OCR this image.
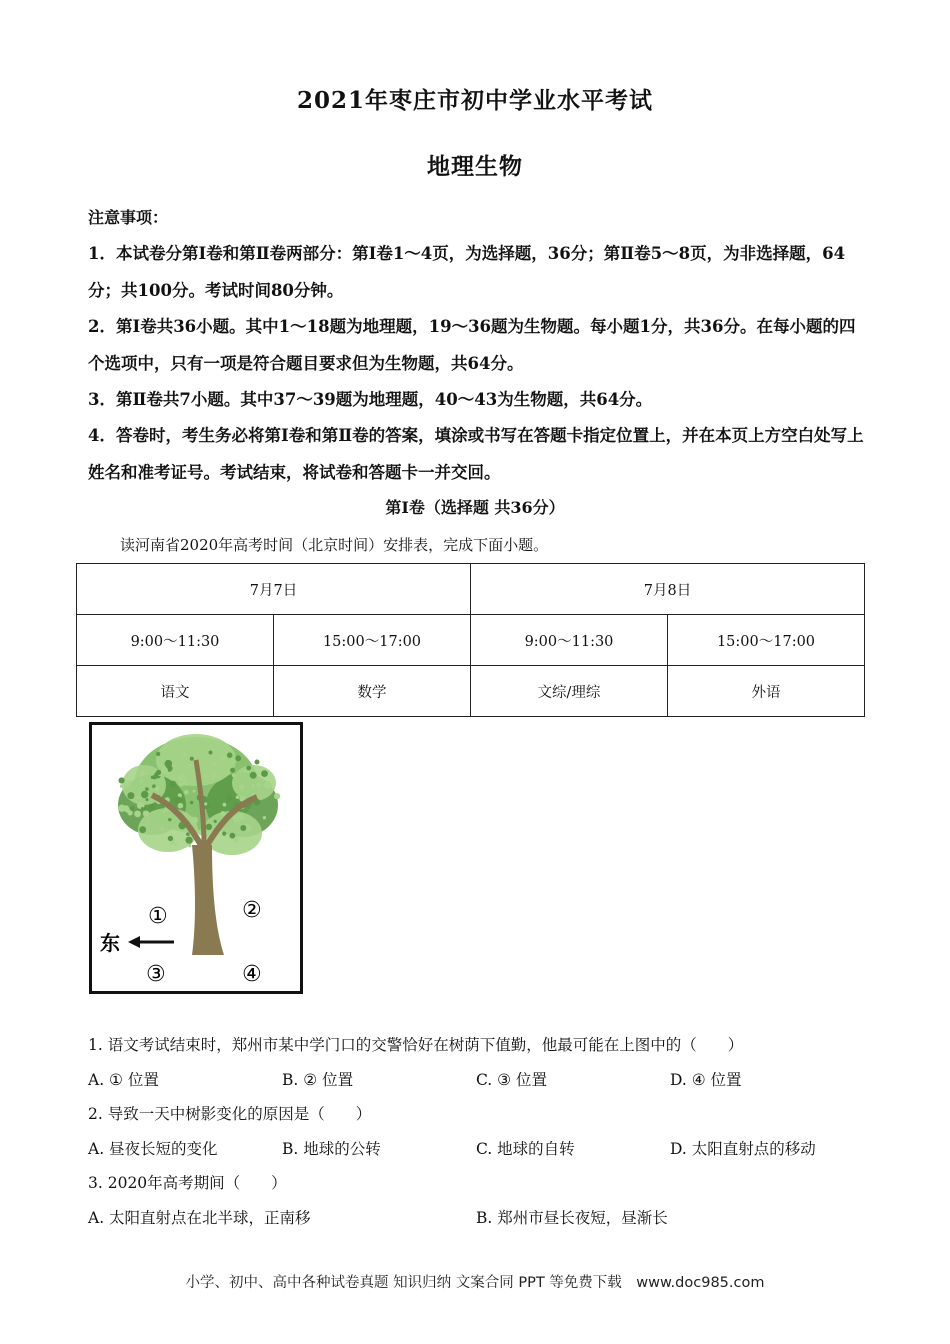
2021年枣庄市初中学业水平考试
地理生物
注意事项：
1．本试卷分第Ⅰ卷和第Ⅱ卷两部分：第Ⅰ卷1～4页，为选择题，36分；第Ⅱ卷5～8页，为非选择题，64分；共100分。考试时间80分钟。
2．第Ⅰ卷共36小题。其中1～18题为地理题，19～36题为生物题。每小题1分，共36分。在每小题的四个选项中，只有一项是符合题目要求但为生物题，共64分。
3．第Ⅱ卷共7小题。其中37～39题为地理题，40～43为生物题，共64分。
4．答卷时，考生务必将第Ⅰ卷和第Ⅱ卷的答案，填涂或书写在答题卡指定位置上，并在本页上方空白处写上姓名和准考证号。考试结束，将试卷和答题卡一并交回。
第Ⅰ卷（选择题 共36分）
读河南省2020年高考时间（北京时间）安排表，完成下面小题。
7月7日		7月8日	
9:00～11:30	15:00～17:00	9:00～11:30	15:00～17:00
语文	数学	文综/理综	外语
①	②
③	④
东
1. 语文考试结束时，郑州市某中学门口的交警恰好在树荫下值勤，他最可能在上图中的（　　）
A. ① 位置	B. ② 位置	C. ③ 位置	D. ④ 位置
2. 导致一天中树影变化的原因是（　　）
A. 昼夜长短的变化	B. 地球的公转	C. 地球的自转	D. 太阳直射点的移动
3. 2020年高考期间（　　）
A. 太阳直射点在北半球，正南移	B. 郑州市昼长夜短，昼渐长
小学、初中、高中各种试卷真题 知识归纳 文案合同 PPT 等免费下载　www.doc985.com
